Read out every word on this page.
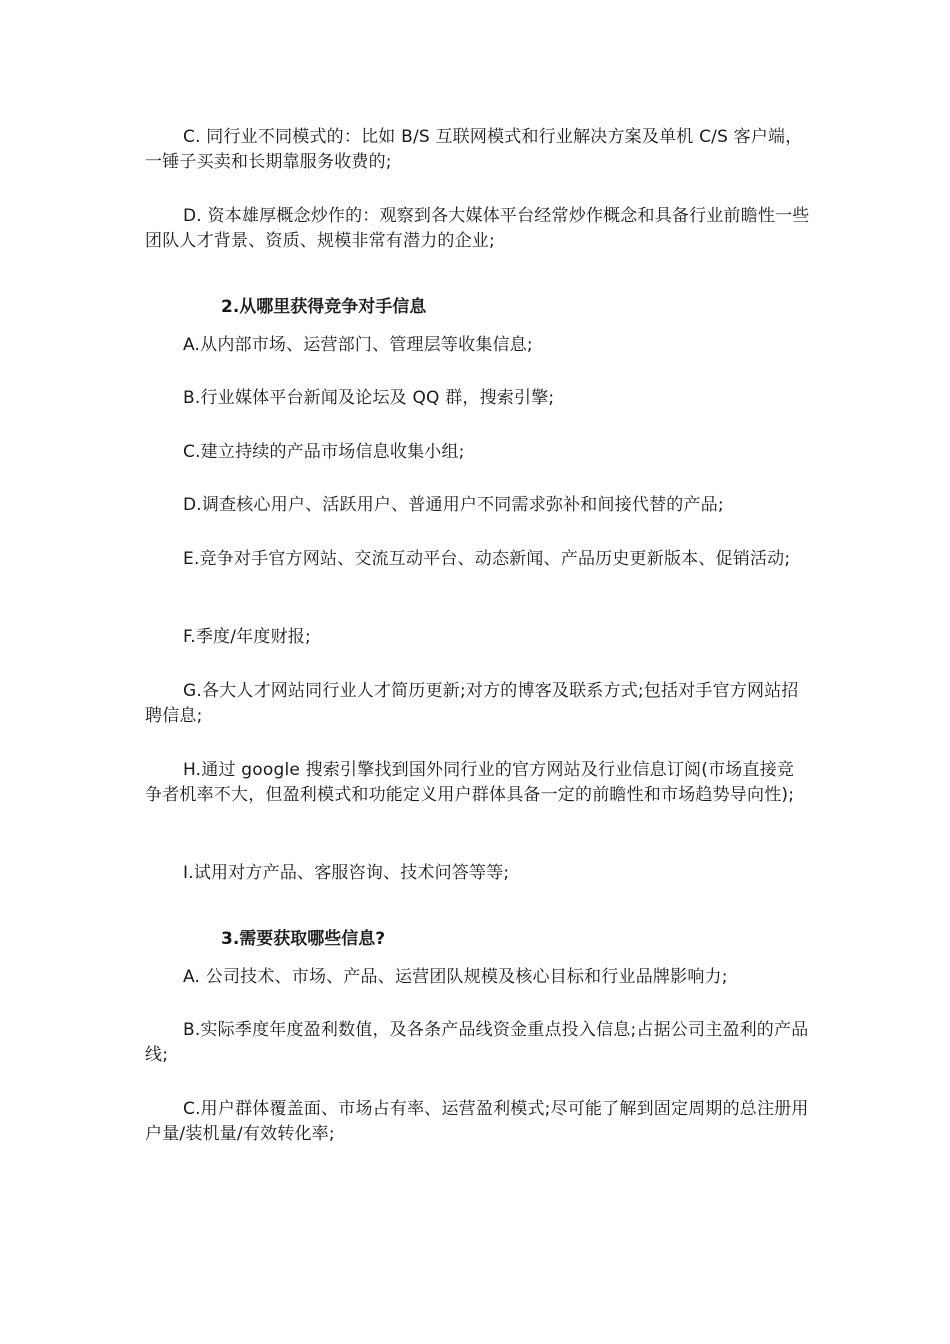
C. 同行业不同模式的：比如 B/S 互联网模式和行业解决方案及单机 C/S 客户端，一锤子买卖和长期靠服务收费的;

D. 资本雄厚概念炒作的：观察到各大媒体平台经常炒作概念和具备行业前瞻性一些团队人才背景、资质、规模非常有潜力的企业;

2.从哪里获得竞争对手信息

A.从内部市场、运营部门、管理层等收集信息;

B.行业媒体平台新闻及论坛及 QQ 群，搜索引擎;

C.建立持续的产品市场信息收集小组;

D.调查核心用户、活跃用户、普通用户不同需求弥补和间接代替的产品;

E.竞争对手官方网站、交流互动平台、动态新闻、产品历史更新版本、促销活动;

F.季度/年度财报;

G.各大人才网站同行业人才简历更新;对方的博客及联系方式;包括对手官方网站招聘信息;

H.通过 google 搜索引擎找到国外同行业的官方网站及行业信息订阅(市场直接竞争者机率不大，但盈利模式和功能定义用户群体具备一定的前瞻性和市场趋势导向性);

I.试用对方产品、客服咨询、技术问答等等;

3.需要获取哪些信息?

A. 公司技术、市场、产品、运营团队规模及核心目标和行业品牌影响力;

B.实际季度年度盈利数值，及各条产品线资金重点投入信息;占据公司主盈利的产品线;

C.用户群体覆盖面、市场占有率、运营盈利模式;尽可能了解到固定周期的总注册用户量/装机量/有效转化率;
